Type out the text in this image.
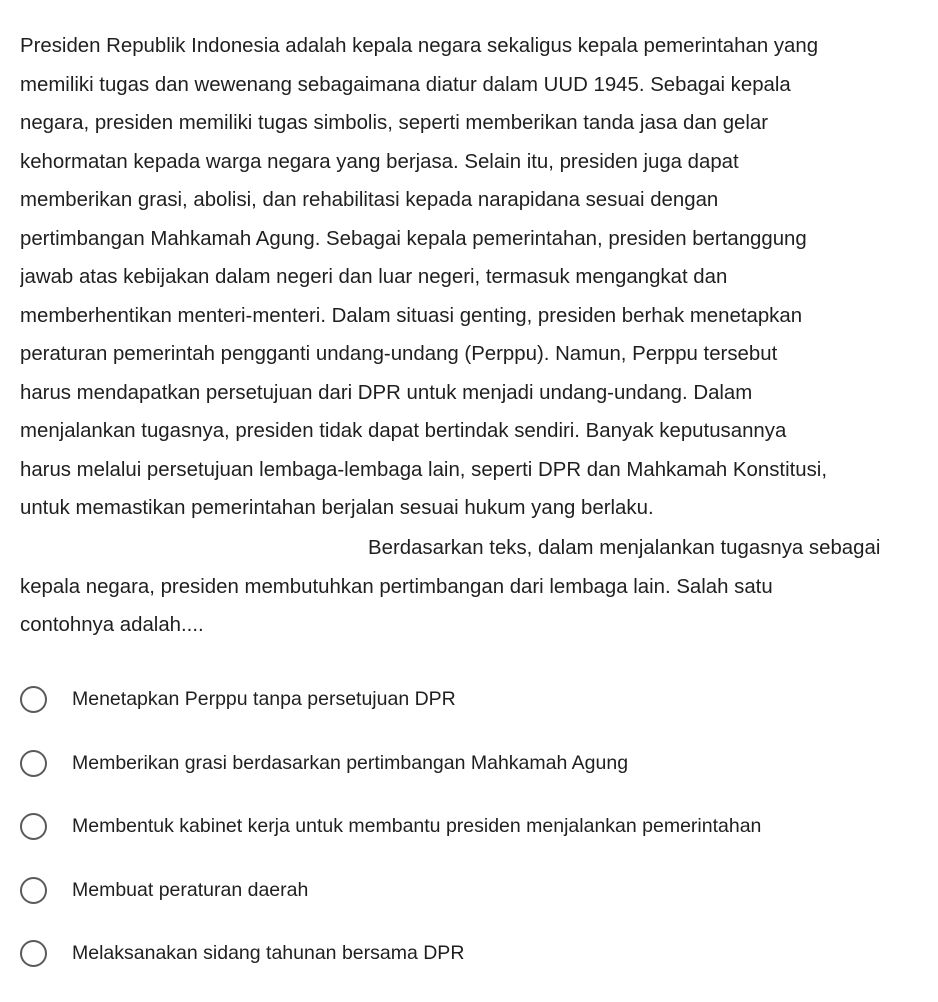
Presiden Republik Indonesia adalah kepala negara sekaligus kepala pemerintahan yang
memiliki tugas dan wewenang sebagaimana diatur dalam UUD 1945. Sebagai kepala
negara, presiden memiliki tugas simbolis, seperti memberikan tanda jasa dan gelar
kehormatan kepada warga negara yang berjasa. Selain itu, presiden juga dapat
memberikan grasi, abolisi, dan rehabilitasi kepada narapidana sesuai dengan
pertimbangan Mahkamah Agung. Sebagai kepala pemerintahan, presiden bertanggung
jawab atas kebijakan dalam negeri dan luar negeri, termasuk mengangkat dan
memberhentikan menteri-menteri. Dalam situasi genting, presiden berhak menetapkan
peraturan pemerintah pengganti undang-undang (Perppu). Namun, Perppu tersebut
harus mendapatkan persetujuan dari DPR untuk menjadi undang-undang. Dalam
menjalankan tugasnya, presiden tidak dapat bertindak sendiri. Banyak keputusannya
harus melalui persetujuan lembaga-lembaga lain, seperti DPR dan Mahkamah Konstitusi,
untuk memastikan pemerintahan berjalan sesuai hukum yang berlaku.
Berdasarkan teks, dalam menjalankan tugasnya sebagai
kepala negara, presiden membutuhkan pertimbangan dari lembaga lain. Salah satu
contohnya adalah....
Menetapkan Perppu tanpa persetujuan DPR
Memberikan grasi berdasarkan pertimbangan Mahkamah Agung
Membentuk kabinet kerja untuk membantu presiden menjalankan pemerintahan
Membuat peraturan daerah
Melaksanakan sidang tahunan bersama DPR
